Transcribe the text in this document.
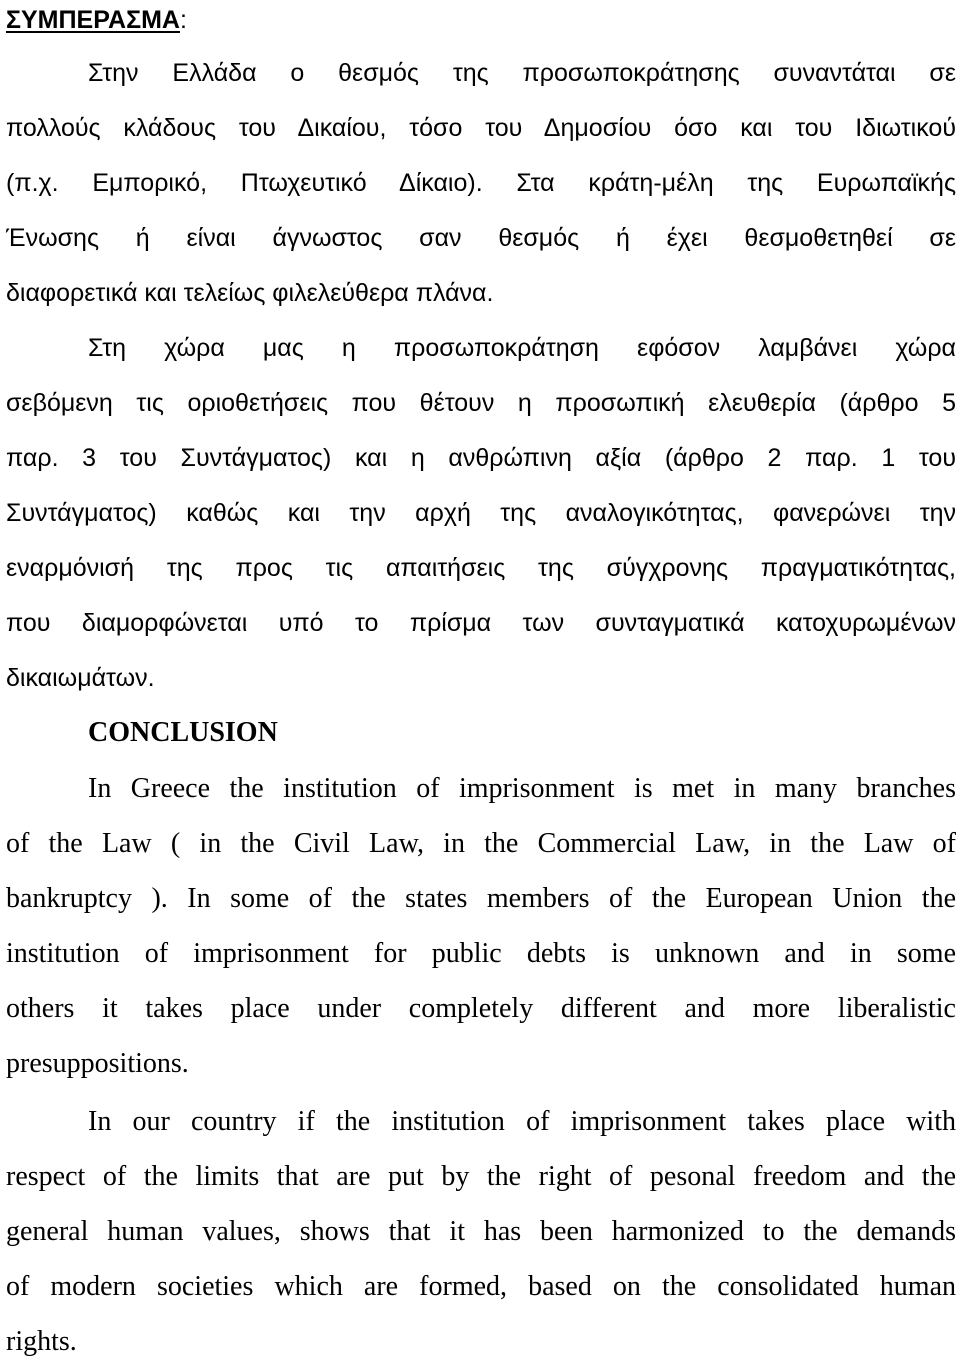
ΣΥΜΠΕΡΑΣΜΑ:
Στην Ελλάδα ο θεσμός της προσωποκράτησης συναντάται σε
πολλούς κλάδους του Δικαίου, τόσο του Δημοσίου όσο και του Ιδιωτικού
(π.χ. Εμπορικό, Πτωχευτικό Δίκαιο). Στα κράτη-μέλη της Ευρωπαϊκής
Ένωσης ή είναι άγνωστος σαν θεσμός ή έχει θεσμοθετηθεί σε
διαφορετικά και τελείως φιλελεύθερα πλάνα.
Στη χώρα μας η προσωποκράτηση εφόσον λαμβάνει χώρα
σεβόμενη τις οριοθετήσεις που θέτουν η προσωπική ελευθερία (άρθρο 5
παρ. 3 του Συντάγματος) και η ανθρώπινη αξία (άρθρο 2 παρ. 1 του
Συντάγματος) καθώς και την αρχή της αναλογικότητας, φανερώνει την
εναρμόνισή της προς τις απαιτήσεις της σύγχρονης πραγματικότητας,
που διαμορφώνεται υπό το πρίσμα των συνταγματικά κατοχυρωμένων
δικαιωμάτων.
CONCLUSION
In Greece the institution of imprisonment is met in many branches
of the Law ( in the Civil Law, in the Commercial Law, in the Law of
bankruptcy ). In some of the states members of the European Union the
institution of imprisonment for public debts is unknown and in some
others it takes place under completely different and more liberalistic
presuppositions.
In our country if the institution of imprisonment takes place with
respect of the limits that are put by the right of pesonal freedom and the
general human values, shows that it has been harmonized to the demands
of modern societies which are formed, based on the consolidated human
rights.
